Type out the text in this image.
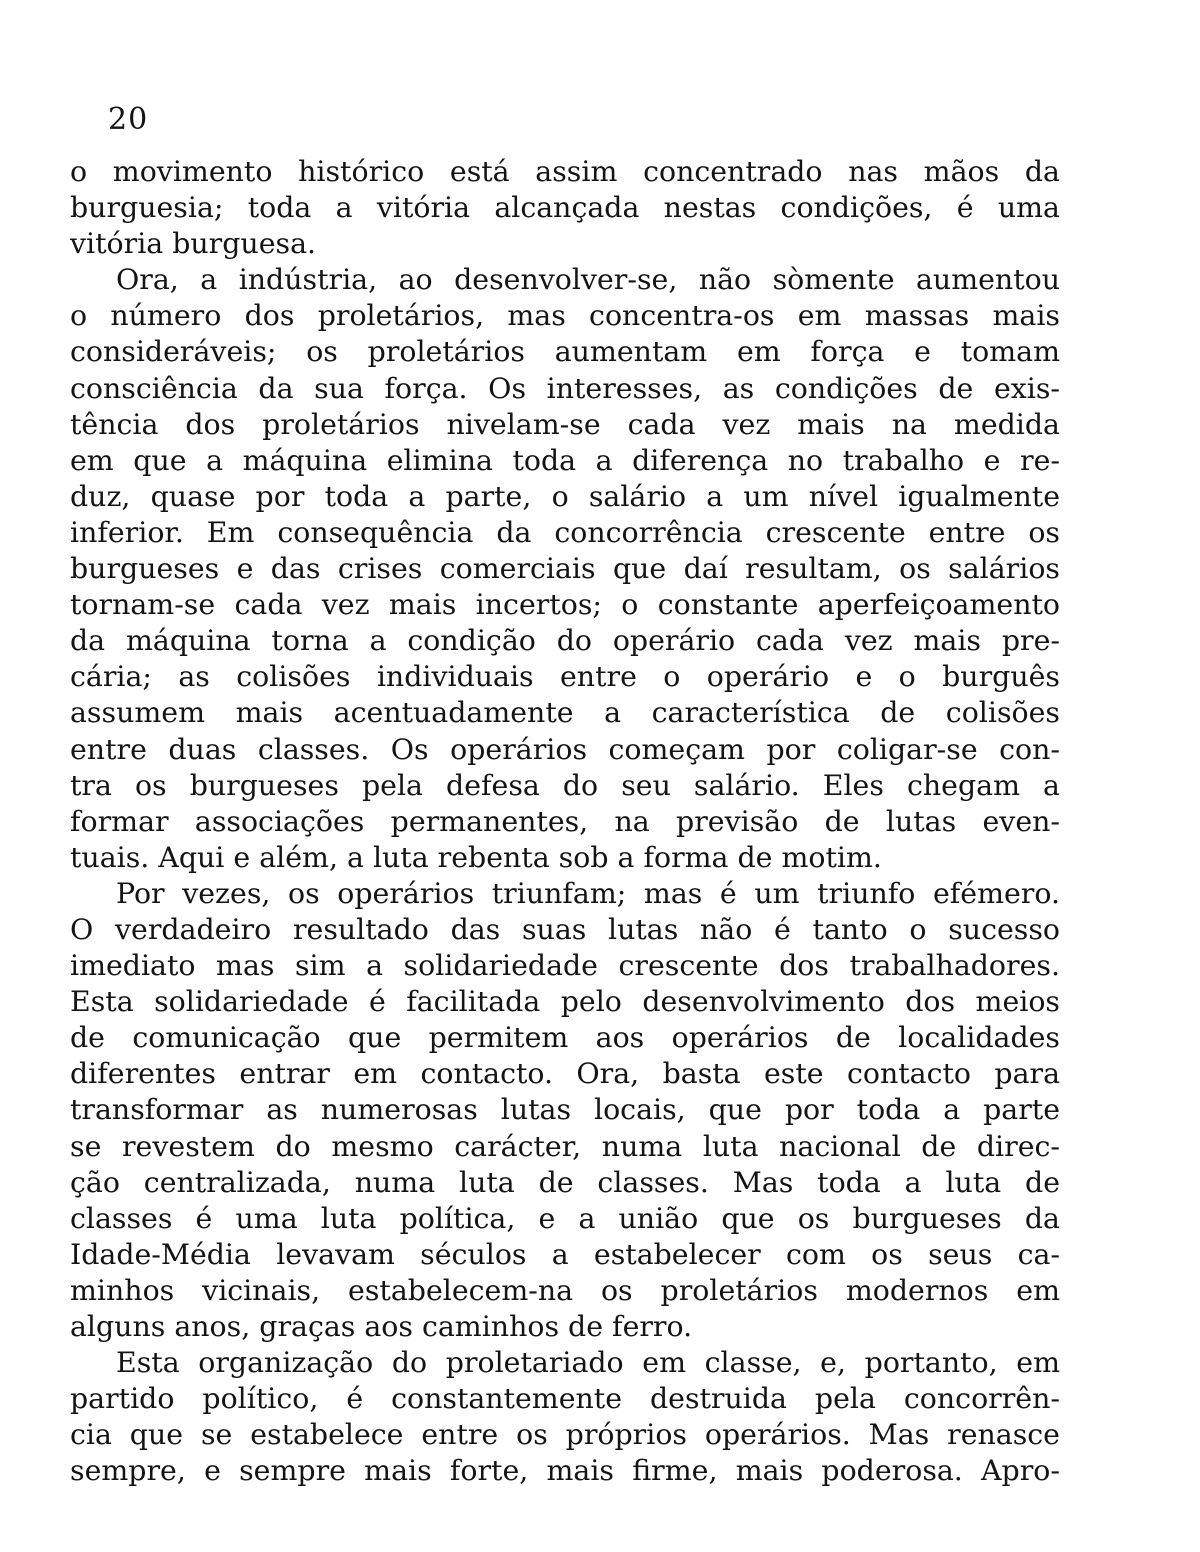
20
o movimento histórico está assim concentrado nas mãos da
burguesia; toda a vitória alcançada nestas condições, é uma
vitória burguesa.
Ora, a indústria, ao desenvolver-se, não sòmente aumentou
o número dos proletários, mas concentra-os em massas mais
consideráveis; os proletários aumentam em força e tomam
consciência da sua força. Os interesses, as condições de exis-
tência dos proletários nivelam-se cada vez mais na medida
em que a máquina elimina toda a diferença no trabalho e re-
duz, quase por toda a parte, o salário a um nível igualmente
inferior. Em consequência da concorrência crescente entre os
burgueses e das crises comerciais que daí resultam, os salários
tornam-se cada vez mais incertos; o constante aperfeiçoamento
da máquina torna a condição do operário cada vez mais pre-
cária; as colisões individuais entre o operário e o burguês
assumem mais acentuadamente a característica de colisões
entre duas classes. Os operários começam por coligar-se con-
tra os burgueses pela defesa do seu salário. Eles chegam a
formar associações permanentes, na previsão de lutas even-
tuais. Aqui e além, a luta rebenta sob a forma de motim.
Por vezes, os operários triunfam; mas é um triunfo efémero.
O verdadeiro resultado das suas lutas não é tanto o sucesso
imediato mas sim a solidariedade crescente dos trabalhadores.
Esta solidariedade é facilitada pelo desenvolvimento dos meios
de comunicação que permitem aos operários de localidades
diferentes entrar em contacto. Ora, basta este contacto para
transformar as numerosas lutas locais, que por toda a parte
se revestem do mesmo carácter, numa luta nacional de direc-
ção centralizada, numa luta de classes. Mas toda a luta de
classes é uma luta política, e a união que os burgueses da
Idade-Média levavam séculos a estabelecer com os seus ca-
minhos vicinais, estabelecem-na os proletários modernos em
alguns anos, graças aos caminhos de ferro.
Esta organização do proletariado em classe, e, portanto, em
partido político, é constantemente destruida pela concorrên-
cia que se estabelece entre os próprios operários. Mas renasce
sempre, e sempre mais forte, mais firme, mais poderosa. Apro-
